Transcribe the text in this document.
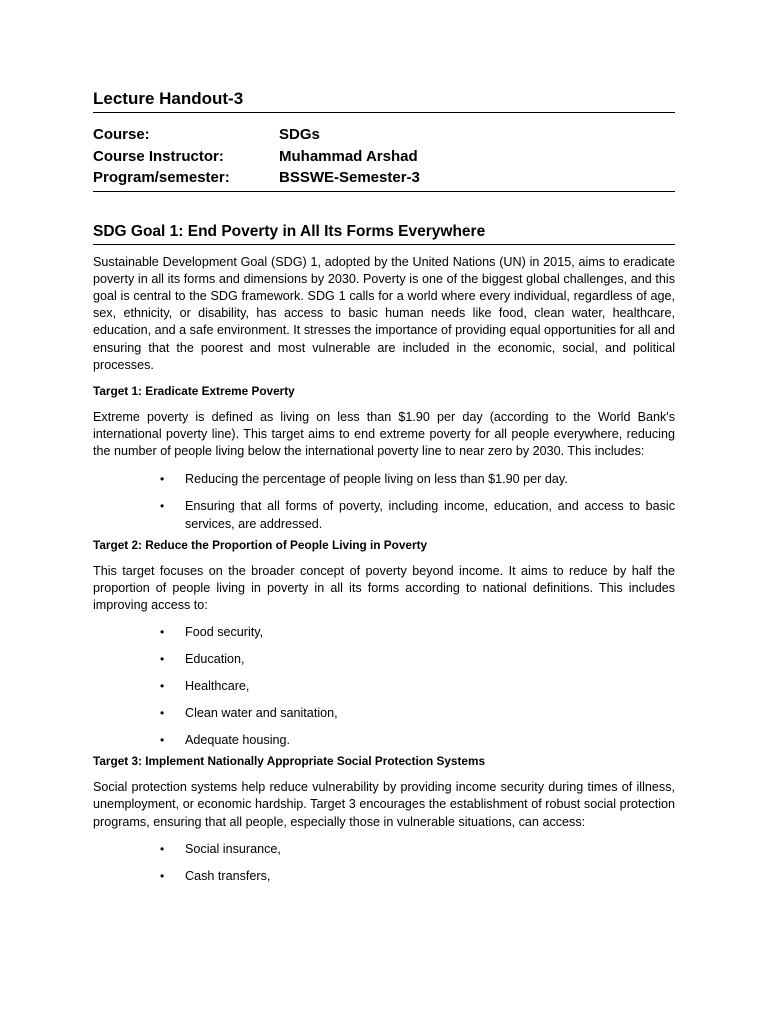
Lecture Handout-3
Course:	SDGs
Course Instructor:	Muhammad Arshad
Program/semester:	BSSWE-Semester-3
SDG Goal 1: End Poverty in All Its Forms Everywhere

Sustainable Development Goal (SDG) 1, adopted by the United Nations (UN) in 2015, aims to eradicate poverty in all its forms and dimensions by 2030. Poverty is one of the biggest global challenges, and this goal is central to the SDG framework. SDG 1 calls for a world where every individual, regardless of age, sex, ethnicity, or disability, has access to basic human needs like food, clean water, healthcare, education, and a safe environment. It stresses the importance of providing equal opportunities for all and ensuring that the poorest and most vulnerable are included in the economic, social, and political processes.

Target 1: Eradicate Extreme Poverty

Extreme poverty is defined as living on less than $1.90 per day (according to the World Bank's international poverty line). This target aims to end extreme poverty for all people everywhere, reducing the number of people living below the international poverty line to near zero by 2030. This includes:

• Reducing the percentage of people living on less than $1.90 per day.
• Ensuring that all forms of poverty, including income, education, and access to basic services, are addressed.

Target 2: Reduce the Proportion of People Living in Poverty

This target focuses on the broader concept of poverty beyond income. It aims to reduce by half the proportion of people living in poverty in all its forms according to national definitions. This includes improving access to:

• Food security,
• Education,
• Healthcare,
• Clean water and sanitation,
• Adequate housing.

Target 3: Implement Nationally Appropriate Social Protection Systems

Social protection systems help reduce vulnerability by providing income security during times of illness, unemployment, or economic hardship. Target 3 encourages the establishment of robust social protection programs, ensuring that all people, especially those in vulnerable situations, can access:

• Social insurance,
• Cash transfers,
